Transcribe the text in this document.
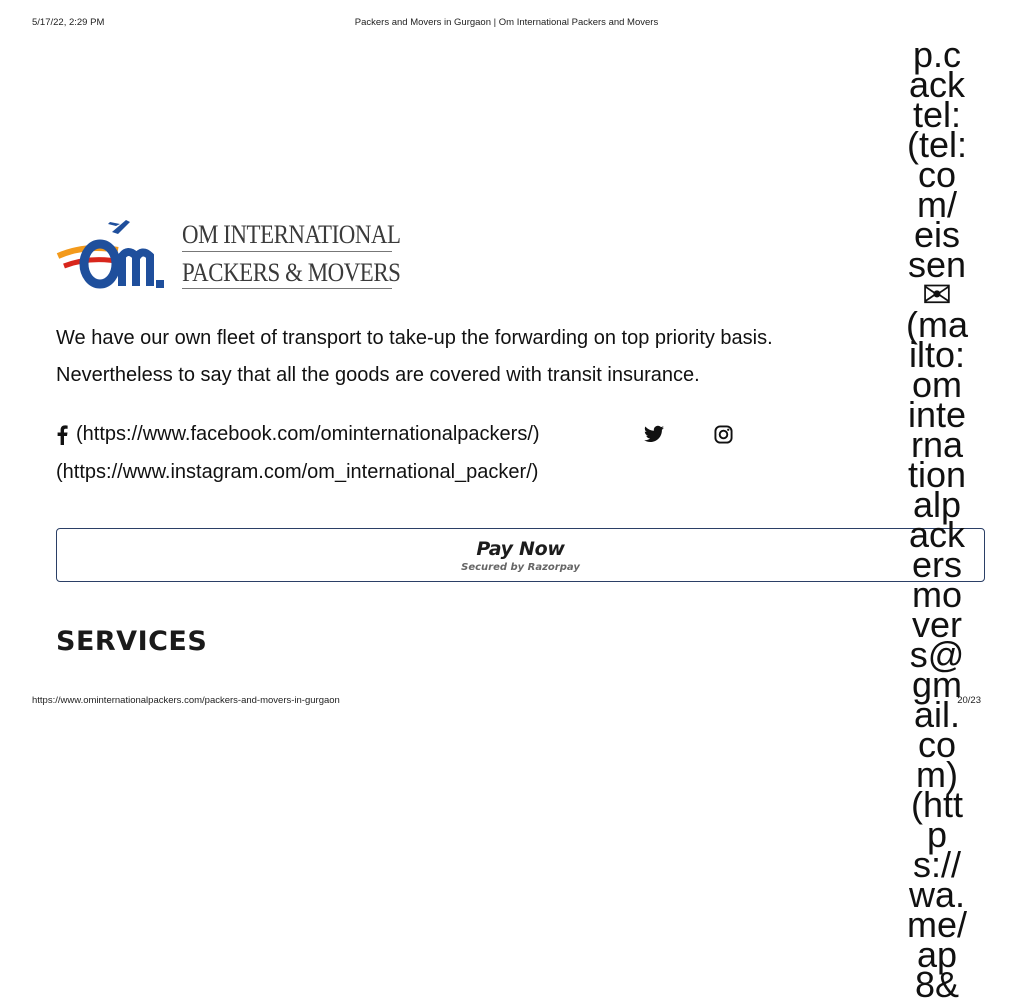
5/17/22, 2:29 PM	Packers and Movers in Gurgaon | Om International Packers and Movers
OM INTERNATIONAL
PACKERS & MOVERS

We have our own fleet of transport to take-up the forwarding on top priority basis.

Nevertheless to say that all the goods are covered with transit insurance.

(https://www.facebook.com/ominternationalpackers/)
(https://www.instagram.com/om_international_packer/)
Pay Now
Secured by Razorpay
SERVICES
p.c ack tel: (tel: com/ eis sen ✉ (mailto: om internationalpackersmovers@gmail.com) (https://wa.me/ ap 8&
https://www.ominternationalpackers.com/packers-and-movers-in-gurgaon	20/23
